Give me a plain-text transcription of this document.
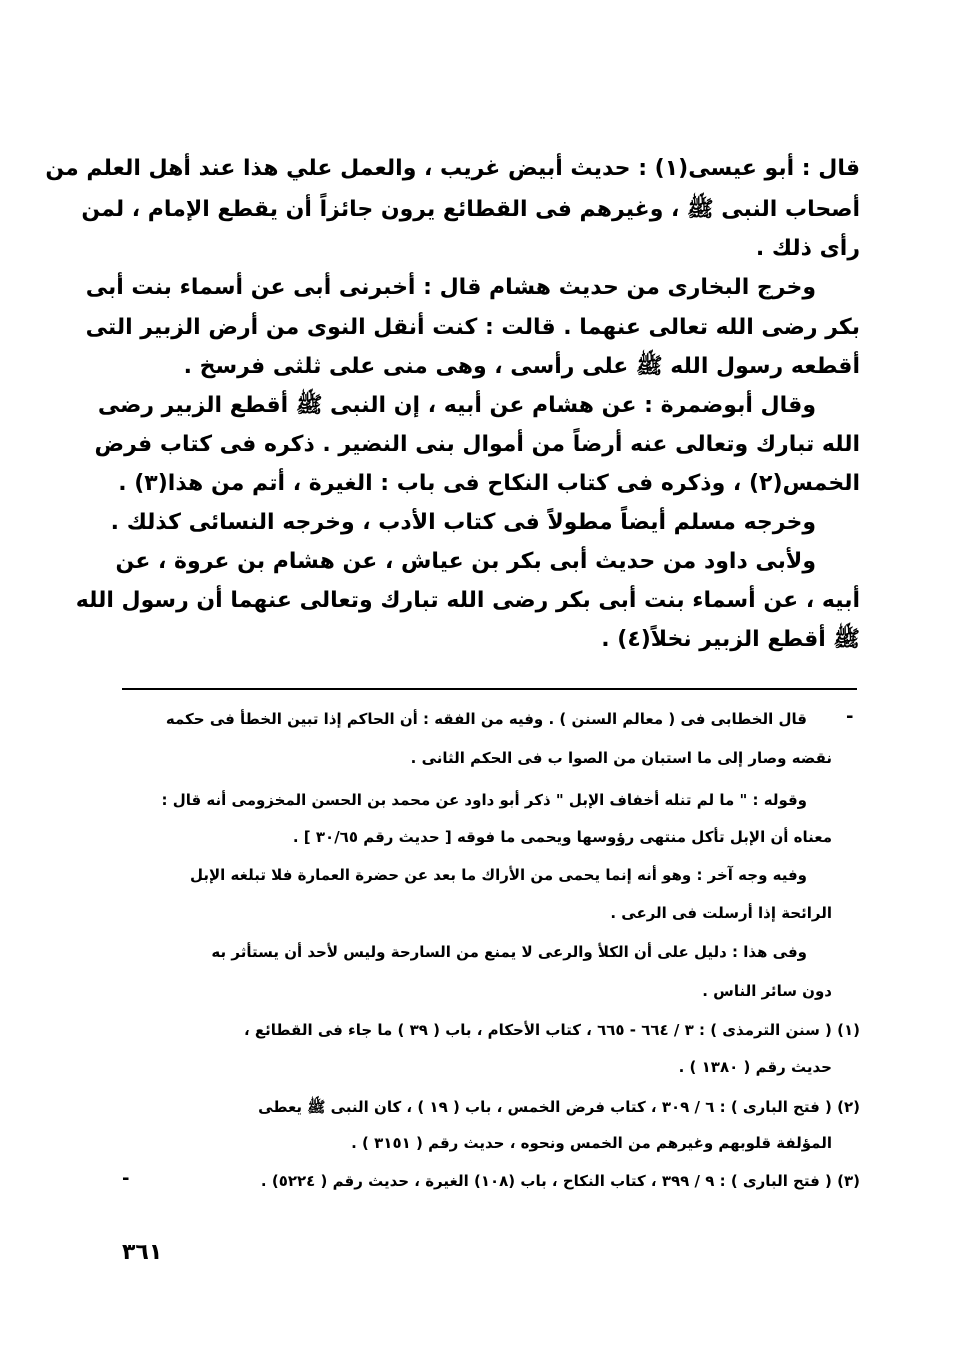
قال : أبو عيسى(١) : حديث أبيض غريب ، والعمل علي هذا عند أهل العلم من
أصحاب النبى ﷺ ، وغيرهم فى القطائع يرون جائزاً أن يقطع الإمام ، لمن
رأى ذلك .
وخرج البخارى من حديث هشام قال : أخبرنى أبى عن أسماء بنت أبى
بكر رضى الله تعالى عنهما . قالت : كنت أنقل النوى من أرض الزبير التى
أقطعه رسول الله ﷺ على رأسى ، وهى منى على ثلثى فرسخ .
وقال أبوضمرة : عن هشام عن أبيه ، إن النبى ﷺ أقطع الزبير رضى
الله تبارك وتعالى عنه أرضاً من أموال بنى النضير . ذكره فى كتاب فرض
الخمس(٢) ، وذكره فى كتاب النكاح فى باب : الغيرة ، أتم من هذا(٣) .
وخرجه مسلم أيضاً مطولاً فى كتاب الأدب ، وخرجه النسائى كذلك .
ولأبى داود من حديث أبى بكر بن عياش ، عن هشام بن عروة ، عن
أبيه ، عن أسماء بنت أبى بكر رضى الله تبارك وتعالى عنهما أن رسول الله
ﷺ أقطع الزبير نخلاً(٤) .
-
قال الخطابى فى ( معالم السنن ) . وفيه من الفقه : أن الحاكم إذا تبين الخطأ فى حكمه
نقضه وصار إلى ما استبان من الصوا ب فى الحكم الثانى .
وقوله : " ما لم تنله أخفاف الإبل " ذكر أبو داود عن محمد بن الحسن المخزومى أنه قال :
معناه أن الإبل تأكل منتهى رؤوسها ويحمى ما فوقه [ حديث رقم ٣٠/٦٥ ] .
وفيه وجه آخر : وهو أنه إنما يحمى من الأراك ما بعد عن حضرة العمارة فلا تبلغه الإبل
الرائحة إذا أرسلت فى الرعى .
وفى هذا : دليل على أن الكلأ والرعى لا يمنع من السارحة وليس لأحد أن يستأثر به
دون سائر الناس .
(١) ( سنن الترمذى ) : ٣ / ٦٦٤ - ٦٦٥ ، كتاب الأحكام ، باب ( ٣٩ ) ما جاء فى القطائع ،
حديث رقم ( ١٣٨٠ ) .
(٢) ( فتح البارى ) : ٦ / ٣٠٩ ، كتاب فرض الخمس ، باب ( ١٩ ) ، كان النبى ﷺ يعطى
المؤلفة قلوبهم وغيرهم من الخمس ونحوه ، حديث رقم ( ٣١٥١ ) .
-	(٣) ( فتح البارى ) : ٩ / ٣٩٩ ، كتاب النكاح ، باب (١٠٨) الغيرة ، حديث رقم ( ٥٢٢٤) .
٣٦١
